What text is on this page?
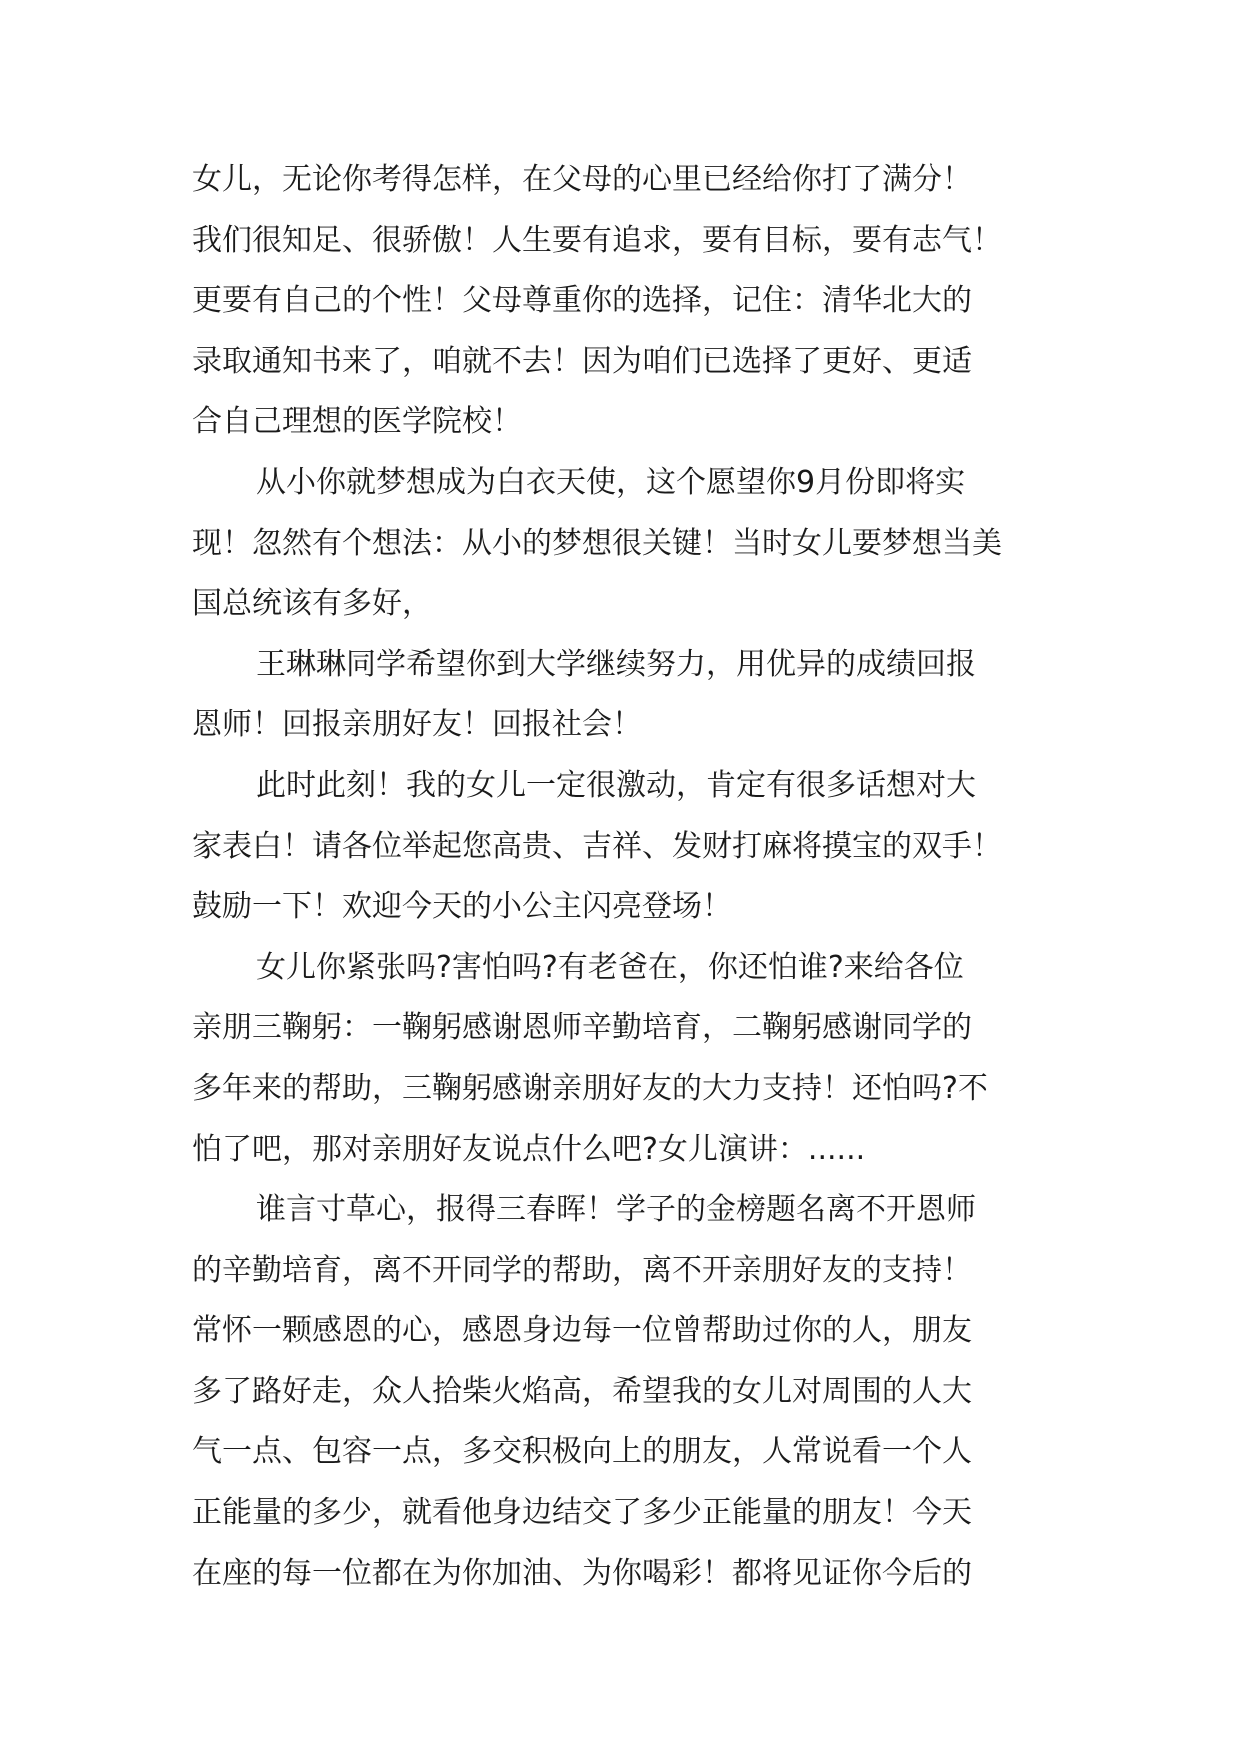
女儿，无论你考得怎样，在父母的心里已经给你打了满分！
我们很知足、很骄傲！人生要有追求，要有目标，要有志气！
更要有自己的个性！父母尊重你的选择，记住：清华北大的
录取通知书来了，咱就不去！因为咱们已选择了更好、更适
合自己理想的医学院校！
从小你就梦想成为白衣天使，这个愿望你9月份即将实
现！忽然有个想法：从小的梦想很关键！当时女儿要梦想当美
国总统该有多好，
王琳琳同学希望你到大学继续努力，用优异的成绩回报
恩师！回报亲朋好友！回报社会！
此时此刻！我的女儿一定很激动，肯定有很多话想对大
家表白！请各位举起您高贵、吉祥、发财打麻将摸宝的双手！
鼓励一下！欢迎今天的小公主闪亮登场！
女儿你紧张吗?害怕吗?有老爸在，你还怕谁?来给各位
亲朋三鞠躬：一鞠躬感谢恩师辛勤培育，二鞠躬感谢同学的
多年来的帮助，三鞠躬感谢亲朋好友的大力支持！还怕吗?不
怕了吧，那对亲朋好友说点什么吧?女儿演讲：......
谁言寸草心，报得三春晖！学子的金榜题名离不开恩师
的辛勤培育，离不开同学的帮助，离不开亲朋好友的支持！
常怀一颗感恩的心，感恩身边每一位曾帮助过你的人，朋友
多了路好走，众人拾柴火焰高，希望我的女儿对周围的人大
气一点、包容一点，多交积极向上的朋友，人常说看一个人
正能量的多少，就看他身边结交了多少正能量的朋友！今天
在座的每一位都在为你加油、为你喝彩！都将见证你今后的
